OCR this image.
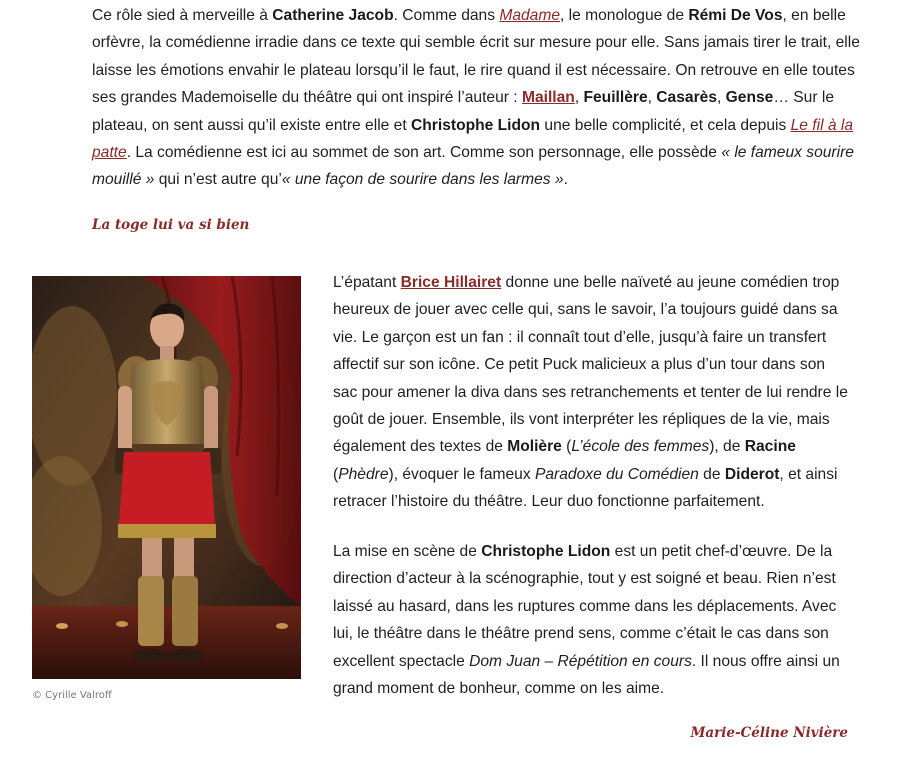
Ce rôle sied à merveille à Catherine Jacob. Comme dans Madame, le monologue de Rémi De Vos, en belle orfèvre, la comédienne irradie dans ce texte qui semble écrit sur mesure pour elle. Sans jamais tirer le trait, elle laisse les émotions envahir le plateau lorsqu’il le faut, le rire quand il est nécessaire. On retrouve en elle toutes ses grandes Mademoiselle du théâtre qui ont inspiré l’auteur : Maillan, Feuillère, Casarès, Gense… Sur le plateau, on sent aussi qu’il existe entre elle et Christophe Lidon une belle complicité, et cela depuis Le fil à la patte. La comédienne est ici au sommet de son art. Comme son personnage, elle possède « le fameux sourire mouillé » qui n’est autre qu’« une façon de sourire dans les larmes ».

La toge lui va si bien
© Cyrille Valroff

L’épatant Brice Hillairet donne une belle naïveté au jeune comédien trop heureux de jouer avec celle qui, sans le savoir, l’a toujours guidé dans sa vie. Le garçon est un fan : il connaît tout d’elle, jusqu’à faire un transfert affectif sur son icône. Ce petit Puck malicieux a plus d’un tour dans son sac pour amener la diva dans ses retranchements et tenter de lui rendre le goût de jouer. Ensemble, ils vont interpréter les répliques de la vie, mais également des textes de Molière (L’école des femmes), de Racine (Phèdre), évoquer le fameux Paradoxe du Comédien de Diderot, et ainsi retracer l’histoire du théâtre. Leur duo fonctionne parfaitement.

La mise en scène de Christophe Lidon est un petit chef-d’œuvre. De la direction d’acteur à la scénographie, tout y est soigné et beau. Rien n’est laissé au hasard, dans les ruptures comme dans les déplacements. Avec lui, le théâtre dans le théâtre prend sens, comme c’était le cas dans son excellent spectacle Dom Juan – Répétition en cours. Il nous offre ainsi un grand moment de bonheur, comme on les aime.

Marie-Céline Nivière
